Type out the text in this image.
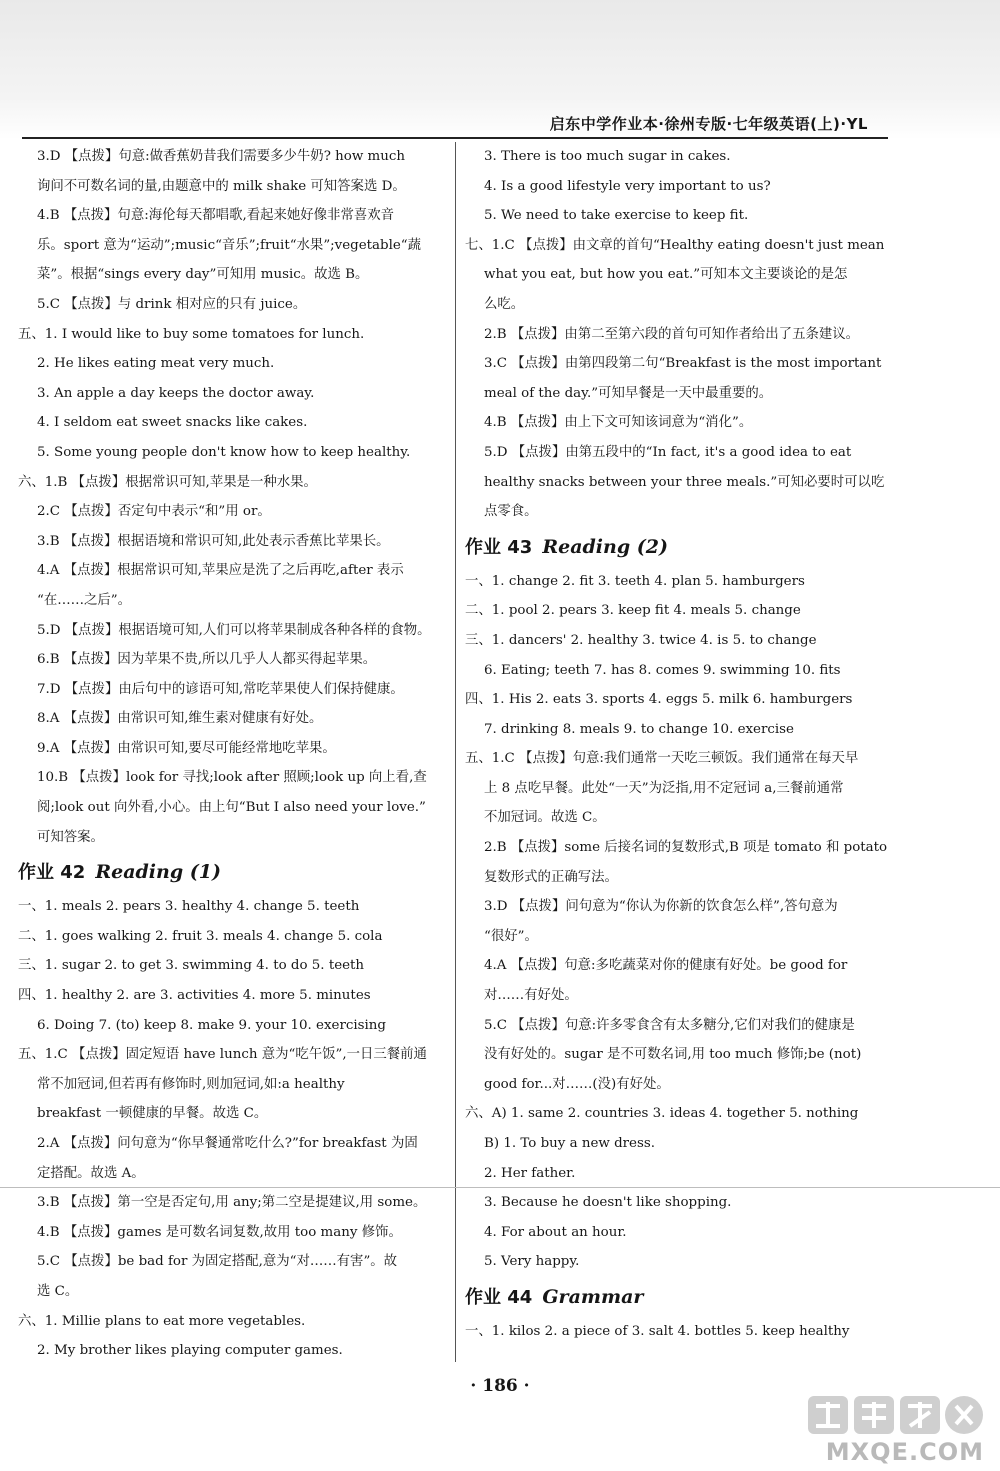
启东中学作业本·徐州专版·七年级英语(上)·YL
3.D 【点拨】句意:做香蕉奶昔我们需要多少牛奶? how much
询问不可数名词的量,由题意中的 milk shake 可知答案选 D。
4.B 【点拨】句意:海伦每天都唱歌,看起来她好像非常喜欢音
乐。sport 意为“运动”;music“音乐”;fruit“水果”;vegetable“蔬
菜”。根据“sings every day”可知用 music。故选 B。
5.C 【点拨】与 drink 相对应的只有 juice。
五、1. I would like to buy some tomatoes for lunch.
2. He likes eating meat very much.
3. An apple a day keeps the doctor away.
4. I seldom eat sweet snacks like cakes.
5. Some young people don't know how to keep healthy.
六、1.B 【点拨】根据常识可知,苹果是一种水果。
2.C 【点拨】否定句中表示“和”用 or。
3.B 【点拨】根据语境和常识可知,此处表示香蕉比苹果长。
4.A 【点拨】根据常识可知,苹果应是洗了之后再吃,after 表示
“在……之后”。
5.D 【点拨】根据语境可知,人们可以将苹果制成各种各样的食物。
6.B 【点拨】因为苹果不贵,所以几乎人人都买得起苹果。
7.D 【点拨】由后句中的谚语可知,常吃苹果使人们保持健康。
8.A 【点拨】由常识可知,维生素对健康有好处。
9.A 【点拨】由常识可知,要尽可能经常地吃苹果。
10.B 【点拨】look for 寻找;look after 照顾;look up 向上看,查
阅;look out 向外看,小心。由上句“But I also need your love.”
可知答案。
作业 42 Reading (1)
一、1. meals 2. pears 3. healthy 4. change 5. teeth
二、1. goes walking 2. fruit 3. meals 4. change 5. cola
三、1. sugar 2. to get 3. swimming 4. to do 5. teeth
四、1. healthy 2. are 3. activities 4. more 5. minutes
6. Doing 7. (to) keep 8. make 9. your 10. exercising
五、1.C 【点拨】固定短语 have lunch 意为“吃午饭”,一日三餐前通
常不加冠词,但若再有修饰时,则加冠词,如:a healthy
breakfast 一顿健康的早餐。故选 C。
2.A 【点拨】问句意为“你早餐通常吃什么?”for breakfast 为固
定搭配。故选 A。
3.B 【点拨】第一空是否定句,用 any;第二空是提建议,用 some。
4.B 【点拨】games 是可数名词复数,故用 too many 修饰。
5.C 【点拨】be bad for 为固定搭配,意为“对……有害”。故
选 C。
六、1. Millie plans to eat more vegetables.
2. My brother likes playing computer games.
3. There is too much sugar in cakes.
4. Is a good lifestyle very important to us?
5. We need to take exercise to keep fit.
七、1.C 【点拨】由文章的首句“Healthy eating doesn't just mean
what you eat, but how you eat.”可知本文主要谈论的是怎
么吃。
2.B 【点拨】由第二至第六段的首句可知作者给出了五条建议。
3.C 【点拨】由第四段第二句“Breakfast is the most important
meal of the day.”可知早餐是一天中最重要的。
4.B 【点拨】由上下文可知该词意为“消化”。
5.D 【点拨】由第五段中的“In fact, it's a good idea to eat
healthy snacks between your three meals.”可知必要时可以吃
点零食。
作业 43 Reading (2)
一、1. change 2. fit 3. teeth 4. plan 5. hamburgers
二、1. pool 2. pears 3. keep fit 4. meals 5. change
三、1. dancers' 2. healthy 3. twice 4. is 5. to change
6. Eating; teeth 7. has 8. comes 9. swimming 10. fits
四、1. His 2. eats 3. sports 4. eggs 5. milk 6. hamburgers
7. drinking 8. meals 9. to change 10. exercise
五、1.C 【点拨】句意:我们通常一天吃三顿饭。我们通常在每天早
上 8 点吃早餐。此处“一天”为泛指,用不定冠词 a,三餐前通常
不加冠词。故选 C。
2.B 【点拨】some 后接名词的复数形式,B 项是 tomato 和 potato
复数形式的正确写法。
3.D 【点拨】问句意为“你认为你新的饮食怎么样”,答句意为
“很好”。
4.A 【点拨】句意:多吃蔬菜对你的健康有好处。be good for
对……有好处。
5.C 【点拨】句意:许多零食含有太多糖分,它们对我们的健康是
没有好处的。sugar 是不可数名词,用 too much 修饰;be (not)
good for...对……(没)有好处。
六、A) 1. same 2. countries 3. ideas 4. together 5. nothing
B) 1. To buy a new dress.
2. Her father.
3. Because he doesn't like shopping.
4. For about an hour.
5. Very happy.
作业 44 Grammar
一、1. kilos 2. a piece of 3. salt 4. bottles 5. keep healthy
· 186 ·
MXQE.COM
